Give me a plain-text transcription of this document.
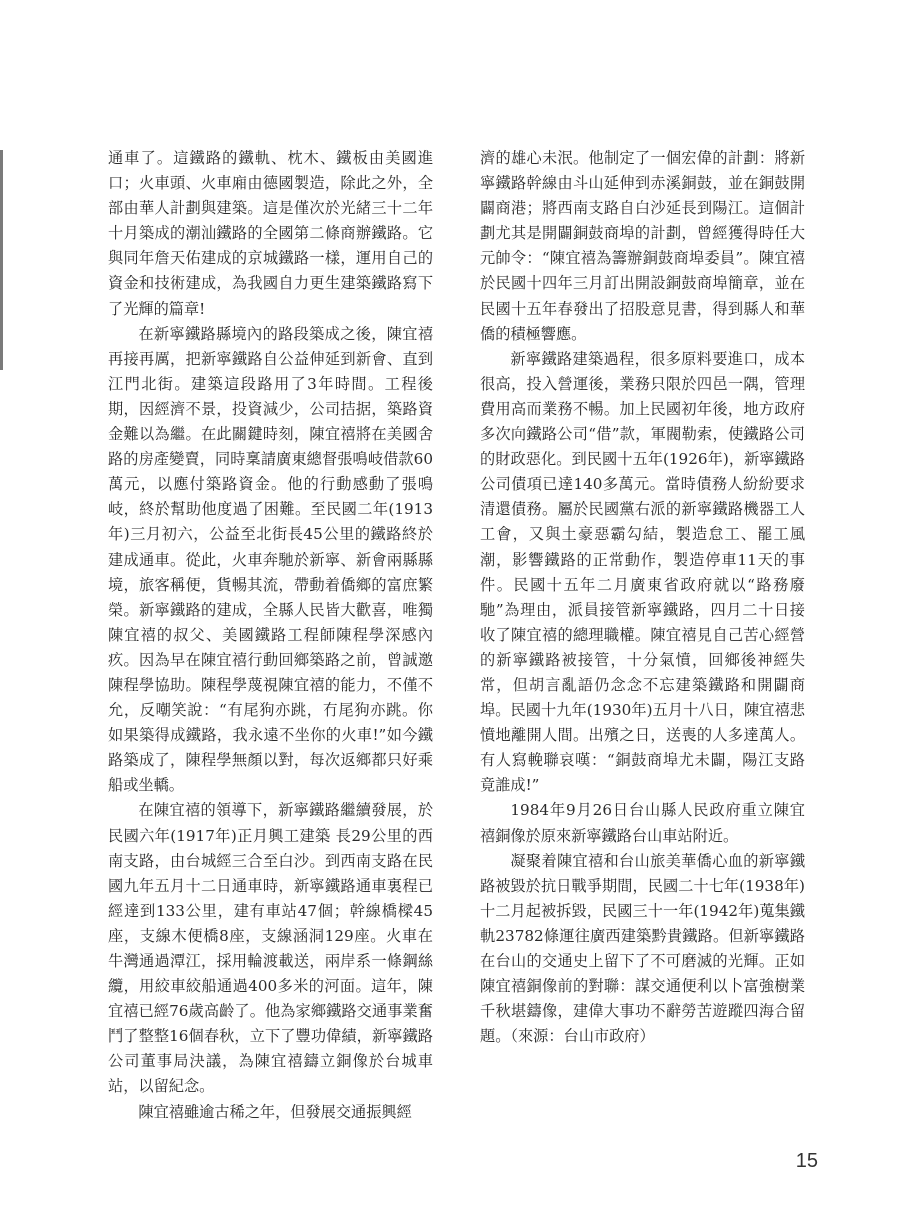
通車了。這鐵路的鐵軌、枕木、鐵板由美國進口；火車頭、火車廂由德國製造，除此之外，全部由華人計劃與建築。這是僅次於光緒三十二年十月築成的潮汕鐵路的全國第二條商辦鐵路。它與同年詹天佑建成的京城鐵路一樣，運用自己的資金和技術建成，為我國自力更生建築鐵路寫下了光輝的篇章!

在新寧鐵路縣境內的路段築成之後，陳宜禧再接再厲，把新寧鐵路自公益伸延到新會、直到江門北街。建築這段路用了3年時間。工程後期，因經濟不景，投資減少，公司拮据，築路資金難以為繼。在此關鍵時刻，陳宜禧將在美國舍路的房產變賣，同時稟請廣東總督張鳴岐借款60萬元，以應付築路資金。他的行動感動了張鳴岐，終於幫助他度過了困難。至民國二年(1913年)三月初六，公益至北街長45公里的鐵路終於建成通車。從此，火車奔馳於新寧、新會兩縣縣境，旅客稱便，貨暢其流，帶動着僑鄉的富庶繁榮。新寧鐵路的建成，全縣人民皆大歡喜，唯獨陳宜禧的叔父、美國鐵路工程師陳程學深感內疚。因為早在陳宜禧行動回鄉築路之前，曾誠邀陳程學協助。陳程學蔑視陳宜禧的能力，不僅不允，反嘲笑說：“有尾狗亦跳，冇尾狗亦跳。你如果築得成鐵路，我永遠不坐你的火車!”如今鐵路築成了，陳程學無顏以對，每次返鄉都只好乘船或坐轎。

在陳宜禧的領導下，新寧鐵路繼續發展，於民國六年(1917年)正月興工建築 長29公里的西南支路，由台城經三合至白沙。到西南支路在民國九年五月十二日通車時，新寧鐵路通車裏程已經達到133公里，建有車站47個；幹線橋樑45座，支線木便橋8座，支線涵洞129座。火車在牛灣通過潭江，採用輪渡載送，兩岸系一條鋼絲纜，用絞車絞船通過400多米的河面。這年，陳宜禧已經76歲高齡了。他為家鄉鐵路交通事業奮鬥了整整16個春秋，立下了豐功偉績，新寧鐵路公司董事局決議，為陳宜禧鑄立銅像於台城車站，以留紀念。

陳宜禧雖逾古稀之年，但發展交通振興經

濟的雄心未泯。他制定了一個宏偉的計劃：將新寧鐵路幹線由斗山延伸到赤溪銅鼓，並在銅鼓開闢商港；將西南支路自白沙延長到陽江。這個計劃尤其是開闢銅鼓商埠的計劃，曾經獲得時任大元帥令：“陳宜禧為籌辦銅鼓商埠委員”。陳宜禧於民國十四年三月訂出開設銅鼓商埠簡章，並在民國十五年春發出了招股意見書，得到縣人和華僑的積極響應。

新寧鐵路建築過程，很多原料要進口，成本很高，投入營運後，業務只限於四邑一隅，管理費用高而業務不暢。加上民國初年後，地方政府多次向鐵路公司“借”款，軍閥勒索，使鐵路公司的財政惡化。到民國十五年(1926年)，新寧鐵路公司債項已達140多萬元。當時債務人紛紛要求清還債務。屬於民國黨右派的新寧鐵路機器工人工會，又與土豪惡霸勾結，製造怠工、罷工風潮，影響鐵路的正常動作，製造停車11天的事件。民國十五年二月廣東省政府就以“路務廢馳”為理由，派員接管新寧鐵路，四月二十日接收了陳宜禧的總理職權。陳宜禧見自己苦心經營的新寧鐵路被接管，十分氣憤，回鄉後神經失常，但胡言亂語仍念念不忘建築鐵路和開闢商埠。民國十九年(1930年)五月十八日，陳宜禧悲憤地離開人間。出殯之日，送喪的人多達萬人。有人寫輓聯哀嘆：“銅鼓商埠尤未闢，陽江支路竟誰成!”

1984年9月26日台山縣人民政府重立陳宜禧銅像於原來新寧鐵路台山車站附近。

凝聚着陳宜禧和台山旅美華僑心血的新寧鐵路被毀於抗日戰爭期間，民國二十七年(1938年)十二月起被拆毀，民國三十一年(1942年)蒐集鐵軌23782條運往廣西建築黔貴鐵路。但新寧鐵路在台山的交通史上留下了不可磨滅的光輝。正如陳宜禧銅像前的對聯：謀交通便利以卜富強樹業千秋堪鑄像，建偉大事功不辭勞苦遊蹤四海合留題。（來源：台山市政府）

15
